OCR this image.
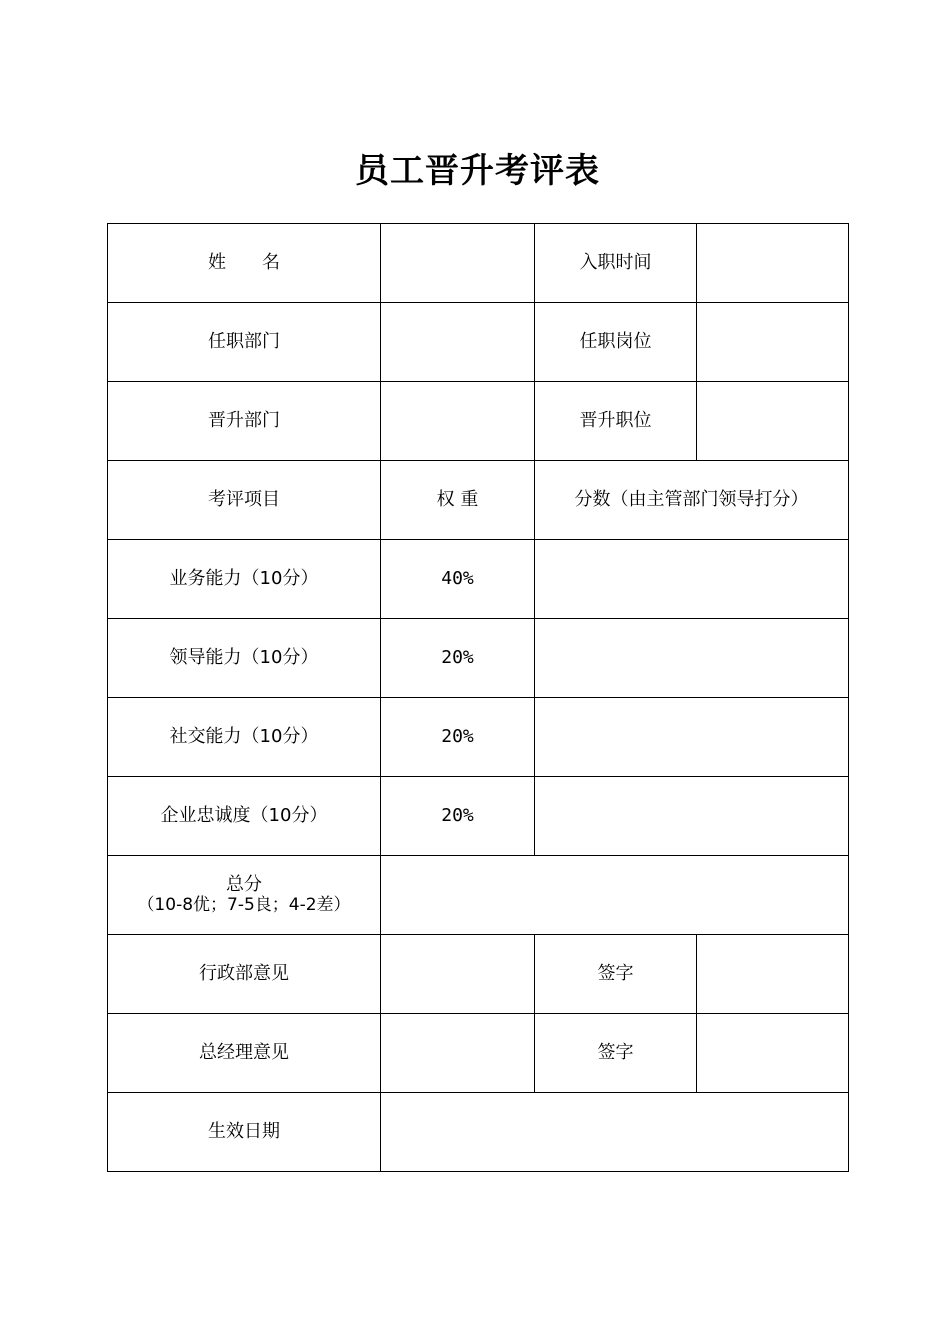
员工晋升考评表
姓　　名		入职时间	
任职部门		任职岗位	
晋升部门		晋升职位	
考评项目	权 重	分数（由主管部门领导打分）	
业务能力（10分）	40%		
领导能力（10分）	20%		
社交能力（10分）	20%		
企业忠诚度（10分）	20%		

总分
（10-8优；7-5良；4-2差）			

行政部意见		签字	
总经理意见		签字	
生效日期			
